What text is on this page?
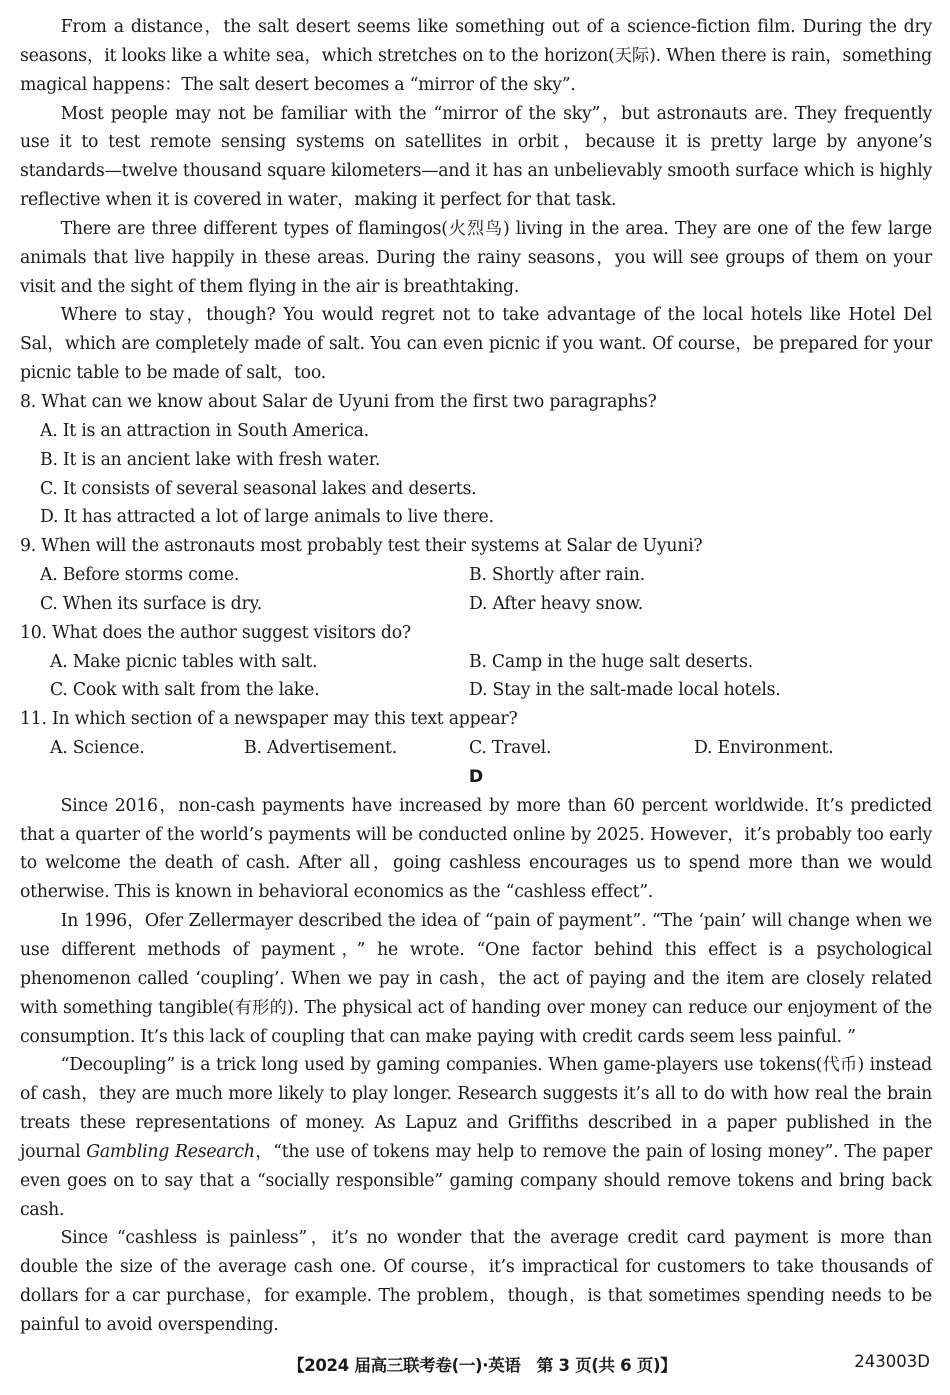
From a distance，the salt desert seems like something out of a science-fiction film. During the dry seasons，it looks like a white sea，which stretches on to the horizon(天际). When there is rain，something magical happens：The salt desert becomes a “mirror of the sky”.

Most people may not be familiar with the “mirror of the sky”，but astronauts are. They frequently use it to test remote sensing systems on satellites in orbit，because it is pretty large by anyone’s standards—twelve thousand square kilometers—and it has an unbelievably smooth surface which is highly reflective when it is covered in water，making it perfect for that task.

There are three different types of flamingos(火烈鸟) living in the area. They are one of the few large animals that live happily in these areas. During the rainy seasons，you will see groups of them on your visit and the sight of them flying in the air is breathtaking.

Where to stay，though? You would regret not to take advantage of the local hotels like Hotel Del Sal，which are completely made of salt. You can even picnic if you want. Of course，be prepared for your picnic table to be made of salt，too.

8. What can we know about Salar de Uyuni from the first two paragraphs?

A. It is an attraction in South America.

B. It is an ancient lake with fresh water.

C. It consists of several seasonal lakes and deserts.

D. It has attracted a lot of large animals to live there.

9. When will the astronauts most probably test their systems at Salar de Uyuni?

A. Before storms come.	B. Shortly after rain.
C. When its surface is dry.	D. After heavy snow.

10. What does the author suggest visitors do?

A. Make picnic tables with salt.	B. Camp in the huge salt deserts.
C. Cook with salt from the lake.	D. Stay in the salt-made local hotels.

11. In which section of a newspaper may this text appear?

A. Science.	B. Advertisement.	C. Travel.	D. Environment.

D

Since 2016，non-cash payments have increased by more than 60 percent worldwide. It’s predicted that a quarter of the world’s payments will be conducted online by 2025. However，it’s probably too early to welcome the death of cash. After all，going cashless encourages us to spend more than we would otherwise. This is known in behavioral economics as the “cashless effect”.

In 1996，Ofer Zellermayer described the idea of “pain of payment”. “The ‘pain’ will change when we use different methods of payment，” he wrote. “One factor behind this effect is a psychological phenomenon called ‘coupling’. When we pay in cash，the act of paying and the item are closely related with something tangible(有形的). The physical act of handing over money can reduce our enjoyment of the consumption. It’s this lack of coupling that can make paying with credit cards seem less painful. ”

“Decoupling” is a trick long used by gaming companies. When game-players use tokens(代币) instead of cash，they are much more likely to play longer. Research suggests it’s all to do with how real the brain treats these representations of money. As Lapuz and Griffiths described in a paper published in the journal Gambling Research，“the use of tokens may help to remove the pain of losing money”. The paper even goes on to say that a “socially responsible” gaming company should remove tokens and bring back cash.

Since “cashless is painless”，it’s no wonder that the average credit card payment is more than double the size of the average cash one. Of course，it’s impractical for customers to take thousands of dollars for a car purchase，for example. The problem，though，is that sometimes spending needs to be painful to avoid overspending.

【2024 届高三联考卷(一)·英语　第 3 页(共 6 页)】	243003D
